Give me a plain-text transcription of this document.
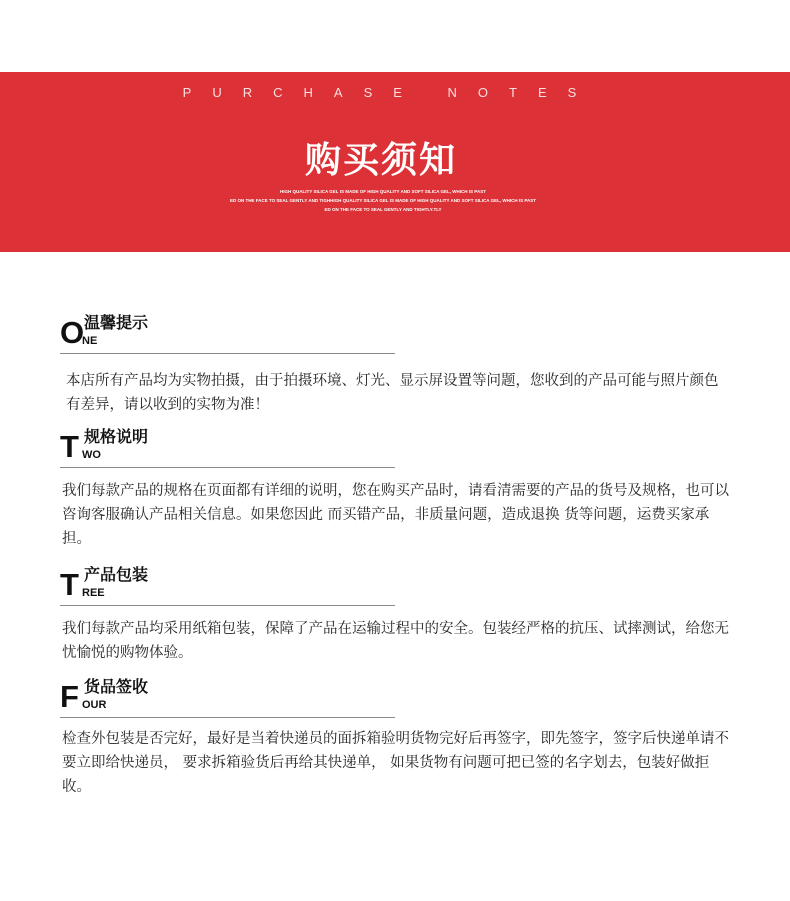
PURCHASE NOTES
购买须知
HIGH QUALITY SILICA GEL IS MADE OF HIGH QUALITY AND SOFT SILICA GEL, WHICH IS PAST
ED ON THE FACE TO SEAL GENTLY AND TIGHHIGH QUALITY SILICA GEL IS MADE OF HIGH QUALITY AND SOFT SILICA GEL, WHICH IS PAST
ED ON THE FACE TO SEAL GENTLY AND TIGHTLY.TLY
O 温馨提示
NE
本店所有产品均为实物拍摄，由于拍摄环境、灯光、显示屏设置等问题，您收到的产品可能与照片颜色有差异，请以收到的实物为准！
T 规格说明
WO
我们每款产品的规格在页面都有详细的说明，您在购买产品时，请看清需要的产品的货号及规格，也可以咨询客服确认产品相关信息。如果您因此 而买错产品，非质量问题，造成退换 货等问题，运费买家承担。
T 产品包装
REE
我们每款产品均采用纸箱包装，保障了产品在运输过程中的安全。包装经严格的抗压、试摔测试，给您无忧愉悦的购物体验。
F 货品签收
OUR
检查外包装是否完好，最好是当着快递员的面拆箱验明货物完好后再签字，即先签字，签字后快递单请不要立即给快递员， 要求拆箱验货后再给其快递单， 如果货物有问题可把已签的名字划去，包装好做拒收。
